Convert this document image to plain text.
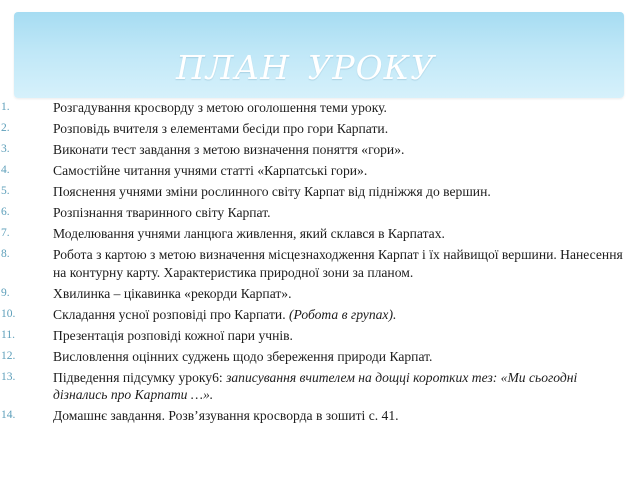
ПЛАН УРОКУ
1.	Розгадування кросворду з метою оголошення теми уроку.
2.	Розповідь вчителя з елементами бесіди про гори Карпати.
3.	Виконати тест завдання з метою визначення поняття «гори».
4.	Самостійне читання учнями статті «Карпатські гори».
5.	Пояснення учнями зміни рослинного світу Карпат від підніжжя до вершин.
6.	Розпізнання тваринного світу Карпат.
7.	Моделювання учнями ланцюга живлення, який склався в Карпатах.
8.	Робота з картою з метою визначення місцезнаходження Карпат і їх найвищої вершини. Нанесення на контурну карту. Характеристика природної зони за планом.
9.	Хвилинка – цікавинка «рекорди Карпат».
10.	Складання усної розповіді про Карпати. (Робота в групах).
11.	Презентація розповіді кожної пари учнів.
12.	Висловлення оцінних суджень щодо збереження природи Карпат.
13.	Підведення підсумку уроку6: записування вчителем на дощці коротких тез: «Ми сьогодні дізнались про Карпати …».
14.	Домашнє завдання. Розв’язування кросворда в зошиті с. 41.
